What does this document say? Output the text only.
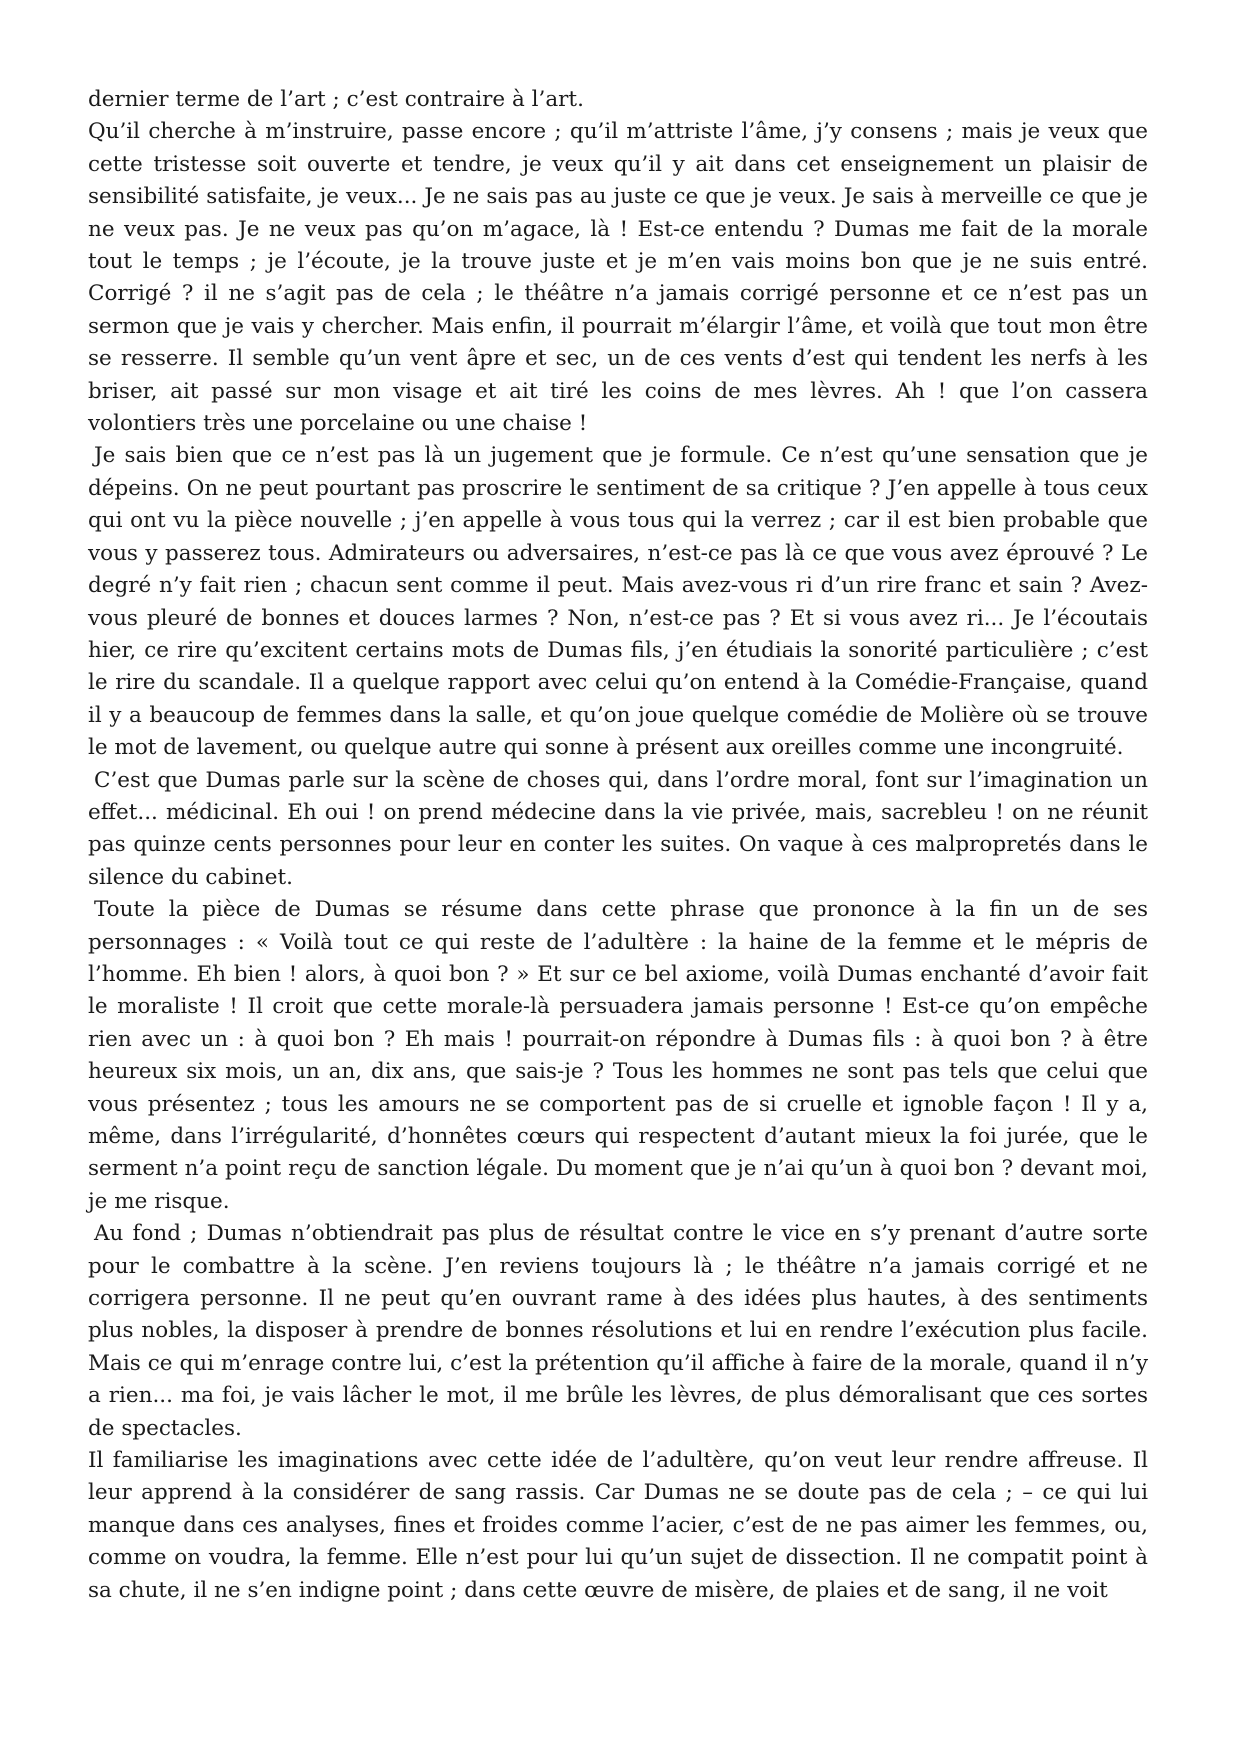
dernier terme de l’art ; c’est contraire à l’art.

Qu’il cherche à m’instruire, passe encore ; qu’il m’attriste l’âme, j’y consens ; mais je veux que cette tristesse soit ouverte et tendre, je veux qu’il y ait dans cet enseignement un plaisir de sensibilité satisfaite, je veux... Je ne sais pas au juste ce que je veux. Je sais à merveille ce que je ne veux pas. Je ne veux pas qu’on m’agace, là ! Est-ce entendu ? Dumas me fait de la morale tout le temps ; je l’écoute, je la trouve juste et je m’en vais moins bon que je ne suis entré. Corrigé ? il ne s’agit pas de cela ; le théâtre n’a jamais corrigé personne et ce n’est pas un sermon que je vais y chercher. Mais enfin, il pourrait m’élargir l’âme, et voilà que tout mon être se resserre. Il semble qu’un vent âpre et sec, un de ces vents d’est qui tendent les nerfs à les briser, ait passé sur mon visage et ait tiré les coins de mes lèvres. Ah ! que l’on cassera volontiers très une porcelaine ou une chaise !

Je sais bien que ce n’est pas là un jugement que je formule. Ce n’est qu’une sensation que je dépeins. On ne peut pourtant pas proscrire le sentiment de sa critique ? J’en appelle à tous ceux qui ont vu la pièce nouvelle ; j’en appelle à vous tous qui la verrez ; car il est bien probable que vous y passerez tous. Admirateurs ou adversaires, n’est-ce pas là ce que vous avez éprouvé ? Le degré n’y fait rien ; chacun sent comme il peut. Mais avez-vous ri d’un rire franc et sain ? Avez-vous pleuré de bonnes et douces larmes ? Non, n’est-ce pas ? Et si vous avez ri... Je l’écoutais hier, ce rire qu’excitent certains mots de Dumas fils, j’en étudiais la sonorité particulière ; c’est le rire du scandale. Il a quelque rapport avec celui qu’on entend à la Comédie-Française, quand il y a beaucoup de femmes dans la salle, et qu’on joue quelque comédie de Molière où se trouve le mot de lavement, ou quelque autre qui sonne à présent aux oreilles comme une incongruité.

C’est que Dumas parle sur la scène de choses qui, dans l’ordre moral, font sur l’imagination un effet... médicinal. Eh oui ! on prend médecine dans la vie privée, mais, sacrebleu ! on ne réunit pas quinze cents personnes pour leur en conter les suites. On vaque à ces malpropretés dans le silence du cabinet.

Toute la pièce de Dumas se résume dans cette phrase que prononce à la fin un de ses personnages : « Voilà tout ce qui reste de l’adultère : la haine de la femme et le mépris de l’homme. Eh bien ! alors, à quoi bon ? » Et sur ce bel axiome, voilà Dumas enchanté d’avoir fait le moraliste ! Il croit que cette morale-là persuadera jamais personne ! Est-ce qu’on empêche rien avec un : à quoi bon ? Eh mais ! pourrait-on répondre à Dumas fils : à quoi bon ? à être heureux six mois, un an, dix ans, que sais-je ? Tous les hommes ne sont pas tels que celui que vous présentez ; tous les amours ne se comportent pas de si cruelle et ignoble façon ! Il y a, même, dans l’irrégularité, d’honnêtes cœurs qui respectent d’autant mieux la foi jurée, que le serment n’a point reçu de sanction légale. Du moment que je n’ai qu’un à quoi bon ? devant moi, je me risque.

Au fond ; Dumas n’obtiendrait pas plus de résultat contre le vice en s’y prenant d’autre sorte pour le combattre à la scène. J’en reviens toujours là ; le théâtre n’a jamais corrigé et ne corrigera personne. Il ne peut qu’en ouvrant rame à des idées plus hautes, à des sentiments plus nobles, la disposer à prendre de bonnes résolutions et lui en rendre l’exécution plus facile. Mais ce qui m’enrage contre lui, c’est la prétention qu’il affiche à faire de la morale, quand il n’y a rien... ma foi, je vais lâcher le mot, il me brûle les lèvres, de plus démoralisant que ces sortes de spectacles.

Il familiarise les imaginations avec cette idée de l’adultère, qu’on veut leur rendre affreuse. Il leur apprend à la considérer de sang rassis. Car Dumas ne se doute pas de cela ; – ce qui lui manque dans ces analyses, fines et froides comme l’acier, c’est de ne pas aimer les femmes, ou, comme on voudra, la femme. Elle n’est pour lui qu’un sujet de dissection. Il ne compatit point à sa chute, il ne s’en indigne point ; dans cette œuvre de misère, de plaies et de sang, il ne voit
